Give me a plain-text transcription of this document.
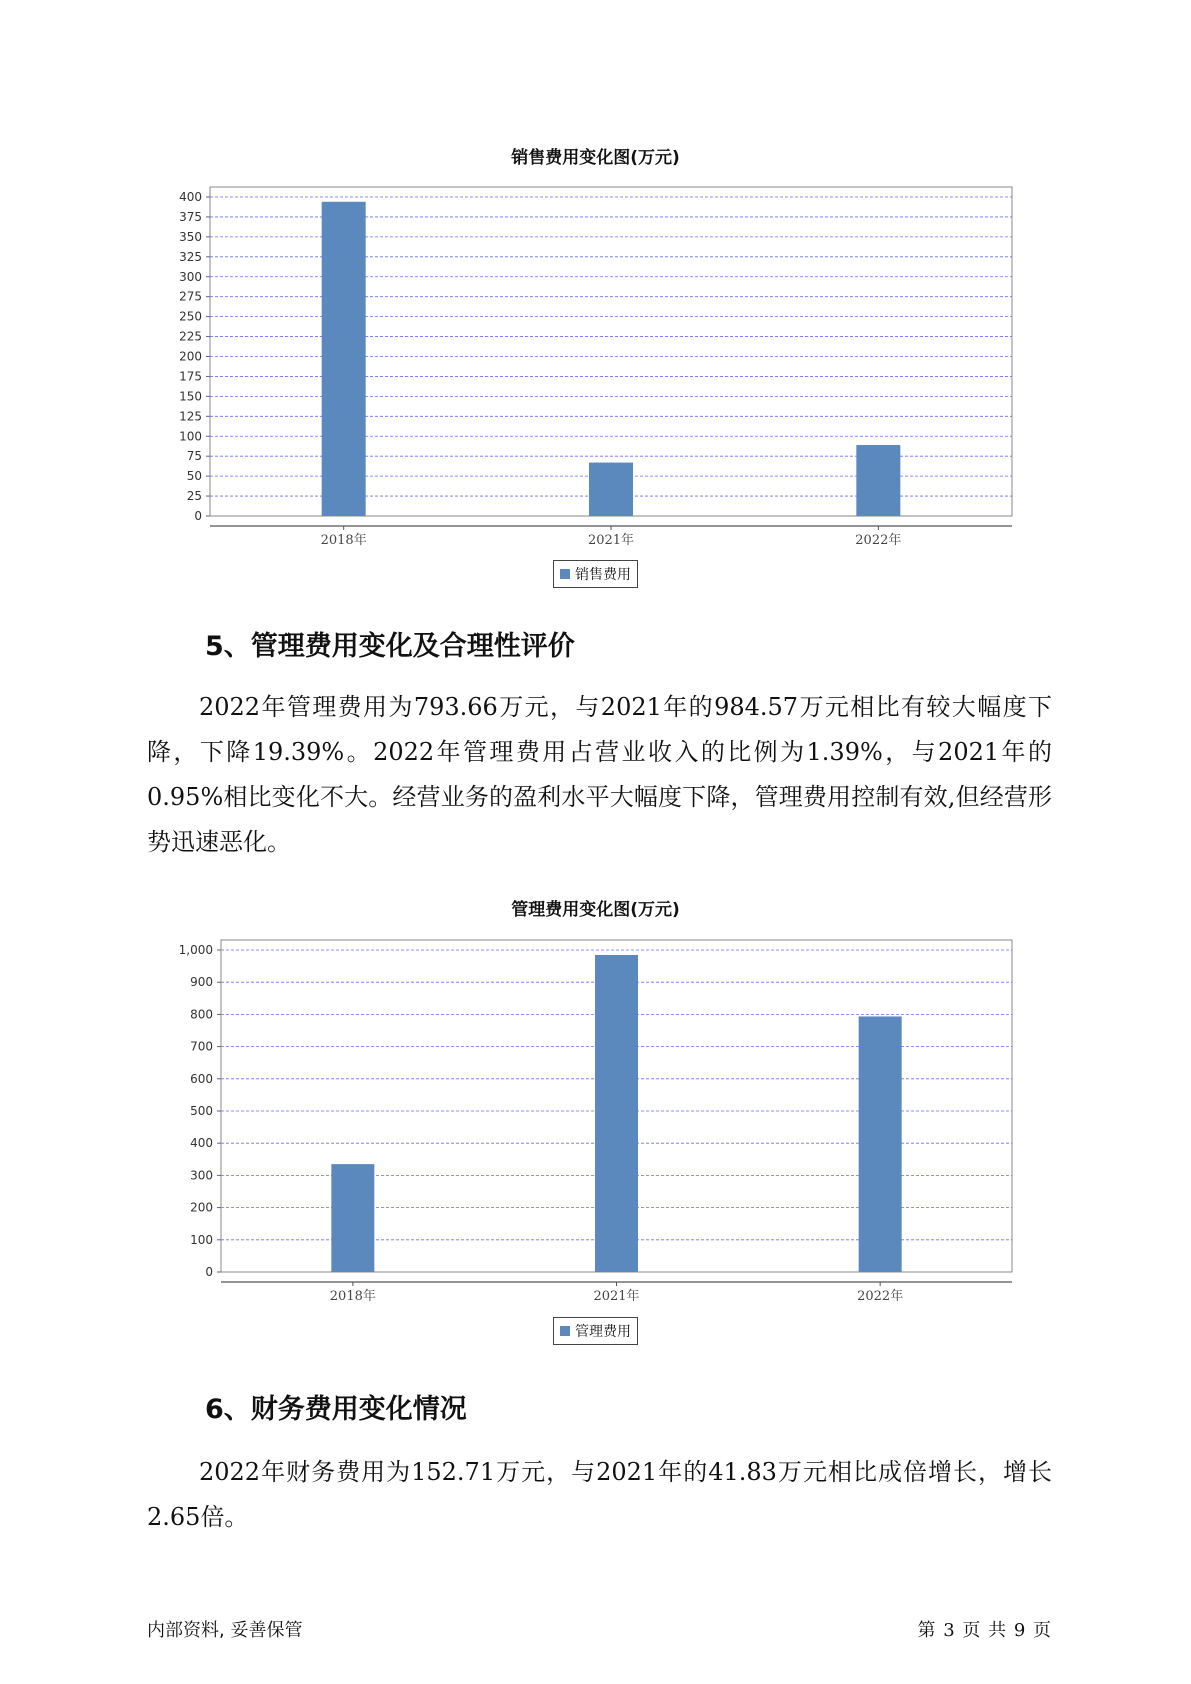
销售费用变化图(万元)
0
25
50
75
100
125
150
175
200
225
250
275
300
325
350
375
400
2018年	2021年	2022年
销售费用
5、管理费用变化及合理性评价

2022年管理费用为793.66万元，与2021年的984.57万元相比有较大幅度下降，下降19.39%。2022年管理费用占营业收入的比例为1.39%，与2021年的0.95%相比变化不大。经营业务的盈利水平大幅度下降，管理费用控制有效,但经营形势迅速恶化。

管理费用变化图(万元)
0
100
200
300
400
500
600
700
800
900
1,000
2018年	2021年	2022年
管理费用
6、财务费用变化情况

2022年财务费用为152.71万元，与2021年的41.83万元相比成倍增长，增长2.65倍。

内部资料, 妥善保管	第 3 页 共 9 页
